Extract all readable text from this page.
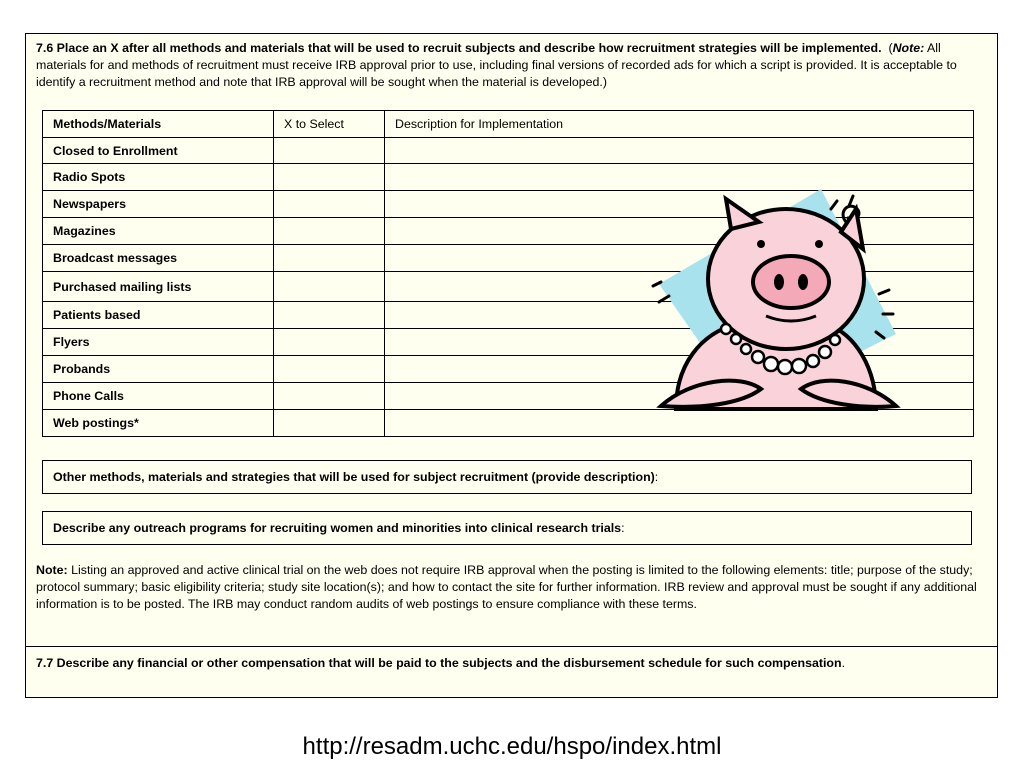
7.6 Place an X after all methods and materials that will be used to recruit subjects and describe how recruitment strategies will be implemented. (Note: All materials for and methods of recruitment must receive IRB approval prior to use, including final versions of recorded ads for which a script is provided. It is acceptable to identify a recruitment method and note that IRB approval will be sought when the material is developed.)
Methods/Materials	X to Select	Description for Implementation
Closed to Enrollment		
Radio Spots		
Newspapers		
Magazines		
Broadcast messages		
Purchased mailing lists		
Patients based		
Flyers		
Probands		
Phone Calls		
Web postings*		
Other methods, materials and strategies that will be used for subject recruitment (provide description):
Describe any outreach programs for recruiting women and minorities into clinical research trials:
Note: Listing an approved and active clinical trial on the web does not require IRB approval when the posting is limited to the following elements: title; purpose of the study; protocol summary; basic eligibility criteria; study site location(s); and how to contact the site for further information. IRB review and approval must be sought if any additional information is to be posted. The IRB may conduct random audits of web postings to ensure compliance with these terms.
7.7 Describe any financial or other compensation that will be paid to the subjects and the disbursement schedule for such compensation.
http://resadm.uchc.edu/hspo/index.html
